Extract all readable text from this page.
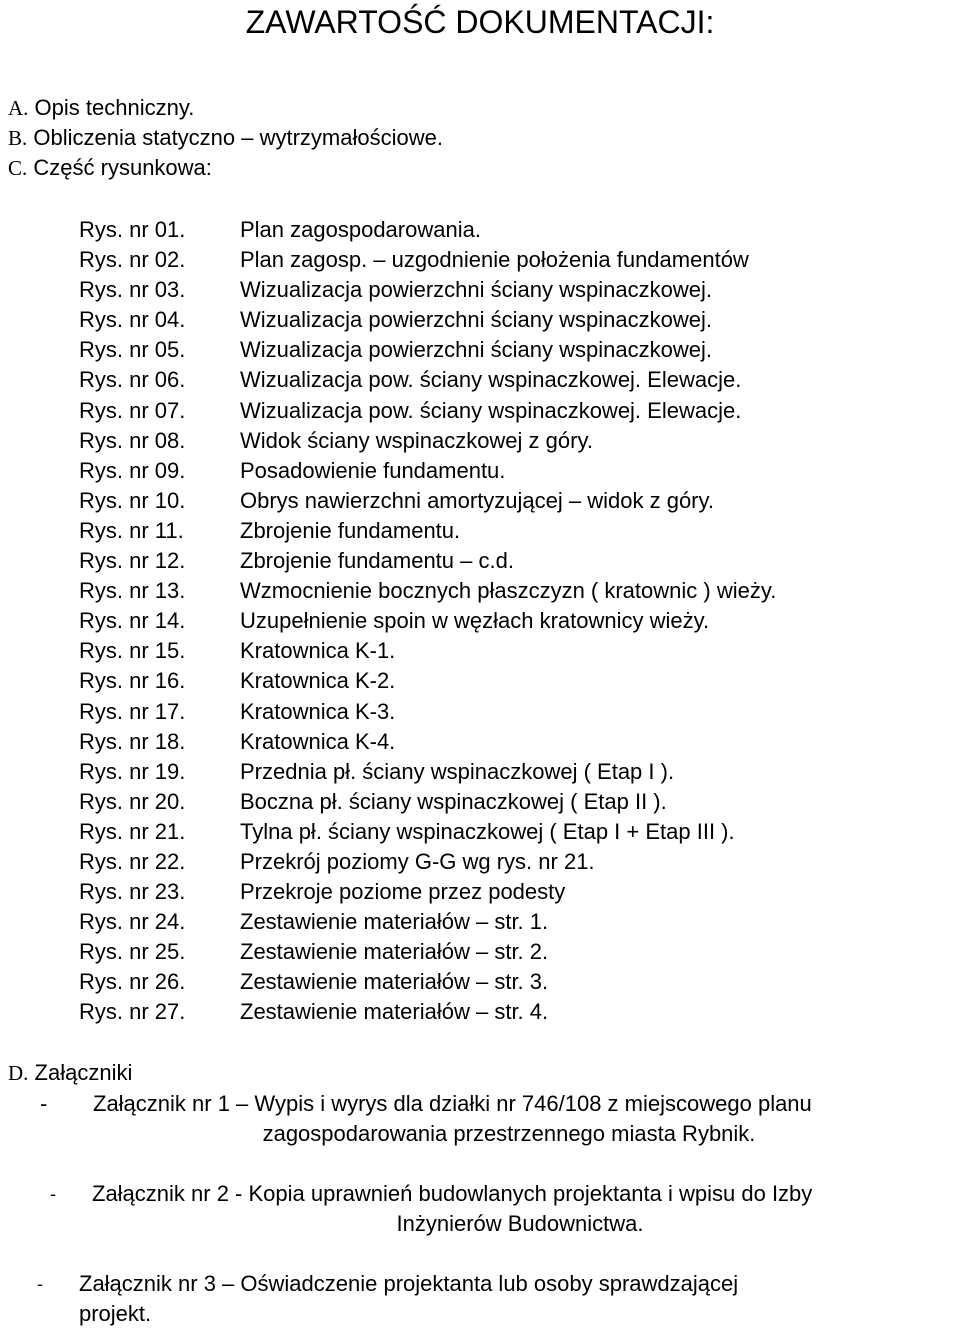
ZAWARTOŚĆ DOKUMENTACJI:
A. Opis techniczny.
B. Obliczenia statyczno – wytrzymałościowe.
C. Część rysunkowa:
Rys. nr 01. Plan zagospodarowania.
Rys. nr 02. Plan zagosp. – uzgodnienie położenia fundamentów
Rys. nr 03. Wizualizacja powierzchni ściany wspinaczkowej.
Rys. nr 04. Wizualizacja powierzchni ściany wspinaczkowej.
Rys. nr 05. Wizualizacja powierzchni ściany wspinaczkowej.
Rys. nr 06. Wizualizacja pow. ściany wspinaczkowej. Elewacje.
Rys. nr 07. Wizualizacja pow. ściany wspinaczkowej. Elewacje.
Rys. nr 08. Widok ściany wspinaczkowej z góry.
Rys. nr 09. Posadowienie fundamentu.
Rys. nr 10. Obrys nawierzchni amortyzującej – widok z góry.
Rys. nr 11.	Zbrojenie fundamentu.
Rys. nr 12. Zbrojenie fundamentu – c.d.
Rys. nr 13. Wzmocnienie bocznych płaszczyzn ( kratownic ) wieży.
Rys. nr 14. Uzupełnienie spoin w węzłach kratownicy wieży.
Rys. nr 15. Kratownica K-1.
Rys. nr 16.Kratownica K-2.
Rys. nr 17.Kratownica K-3.
Rys. nr 18.Kratownica K-4.
Rys. nr 19. Przednia pł. ściany wspinaczkowej ( Etap I ).
Rys. nr 20. Boczna pł. ściany wspinaczkowej ( Etap II ).
Rys. nr 21. Tylna pł. ściany wspinaczkowej ( Etap I + Etap III ).
Rys. nr 22. Przekrój poziomy G-G wg rys. nr 21.
Rys. nr 23.Przekroje poziome przez podesty
Rys. nr 24.Zestawienie materiałów – str. 1.
Rys. nr 25. Zestawienie materiałów – str. 2.
Rys. nr 26.Zestawienie materiałów – str. 3.
Rys. nr 27.Zestawienie materiałów – str. 4.
D. Załączniki
- Załącznik nr 1 – Wypis i wyrys dla działki nr 746/108 z miejscowego planu
zagospodarowania przestrzennego miasta Rybnik.
- Załącznik nr 2 - Kopia uprawnień budowlanych projektanta i wpisu do Izby
Inżynierów Budownictwa.
- Załącznik nr 3 – Oświadczenie projektanta lub osoby sprawdzającej
projekt.
